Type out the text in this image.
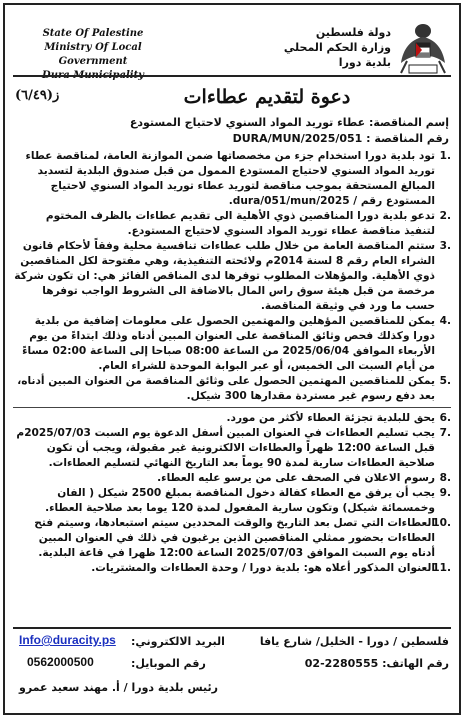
State Of Palestine
Ministry Of Local Government
دولة فلسطين
وزارة الحكم المحلي
بلدية دورا
ز(٦/٤٩)	دعوة لتقديم عطاءات
إسم المناقصة: عطاء توريد المواد السنوي لاحتياج المستودع
رقم المناقصة : DURA/MUN/2025/051
.1
تود بلدية دورا استخدام جزء من مخصصاتها ضمن الموازنة العامة، لمناقصة عطاء توريد المواد السنوي لاحتياج المستودع الممول من قبل صندوق البلدية لتسديد المبالغ المستحقة بموجب مناقصة لتوريد عطاء توريد المواد السنوي لاحتياج المستودع رقم / dura/051/mun/2025.
.2
تدعو بلدية دورا المناقصين ذوي الأهلية الى تقديم عطاءات بالظرف المختوم لتنفيذ مناقصة عطاء توريد المواد السنوي لاحتياج المستودع.
.3
ستتم المناقصة العامة من خلال طلب عطاءات تنافسية محلية وفقاً لأحكام قانون الشراء العام رقم 8 لسنة 2014م ولائحته التنفيذية، وهي مفتوحة لكل المناقصين ذوي الأهلية. والمؤهلات المطلوب توفرها لدى المناقص الفائز هي: ان تكون شركة مرخصة من قبل هيئة سوق راس المال بالاضافة الى الشروط الواجب توفرها حسب ما ورد في وثيقة المناقصة.
.4
يمكن للمناقصين المؤهلين والمهتمين الحصول على معلومات إضافية من بلدية دورا وكذلك فحص وثائق المناقصة على العنوان المبين أدناه وذلك ابتداءً من يوم الأربعاء الموافق 2025/06/04 من الساعة 08:00 صباحا إلى الساعة 02:00 مساءً من أيام السبت الى الخميس، أو عبر البوابة الموحدة للشراء العام.
.5
يمكن للمناقصين المهتمين الحصول على وثائق المناقصة من العنوان المبين أدناه، بعد دفع رسوم غير مستردة مقدارها 300 شيكل.
.6
يحق للبلدية تجزئة العطاء لأكثر من مورد.
.7
يجب تسليم العطاءات في العنوان المبين أسفل الدعوة يوم السبت 2025/07/03م قبل الساعة 12:00 ظهراً والعطاءات الالكترونية غير مقبولة، ويجب أن تكون صلاحية العطاءات سارية لمدة 90 يوماً بعد التاريخ النهائي لتسليم العطاءات.
.8
رسوم الاعلان في الصحف على من يرسو عليه العطاء.
.9
يجب أن يرفق مع العطاء كفالة دخول المناقصة بمبلغ 2500 شيكل ( الفان وخمسمائة شيكل) وتكون سارية المفعول لمدة 120 يوما بعد صلاحية العطاء.
.10
العطاءات التي تصل بعد التاريخ والوقت المحددين سيتم استبعادها، وسيتم فتح العطاءات بحضور ممثلي المناقصين الذين يرغبون في ذلك في العنوان المبين أدناه يوم السبت الموافق 2025/07/03 الساعة 12:00 ظهرا في قاعة البلدية.
.11
العنوان المذكور أعلاه هو: بلدية دورا / وحدة العطاءات والمشتريات.
فلسطين / دورا - الخليل/ شارع يافا
البريد الالكتروني:
Info@duracity.ps
رقم الهاتف: 2280555-02
رقم الموبايل:
0562000500
رئيس بلدية دورا / أ. مهند سعيد عمرو
